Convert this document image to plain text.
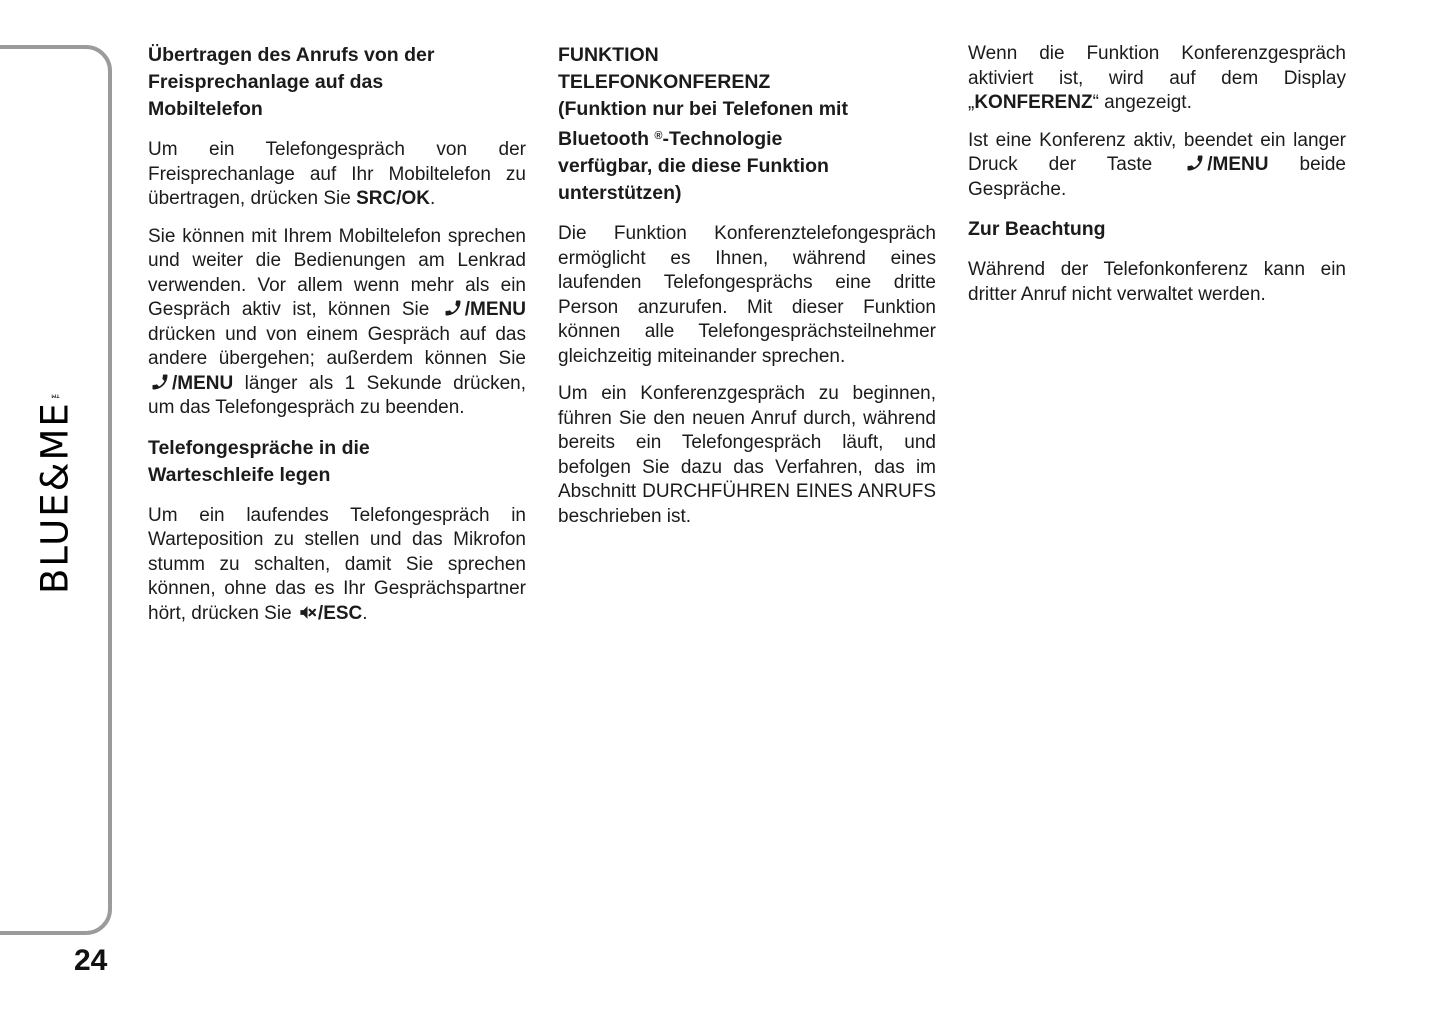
BLUE&ME
™
24
Übertragen des Anrufs von der
Freisprechanlage auf das
Mobiltelefon

Um ein Telefongespräch von der Freisprechanlage auf Ihr Mobiltelefon zu übertragen, drücken Sie SRC/OK.

Sie können mit Ihrem Mobiltelefon sprechen und weiter die Bedienungen am Lenkrad verwenden. Vor allem wenn mehr als ein Gespräch aktiv ist, können Sie
/MENU drücken und von einem Gespräch auf das andere übergehen; außerdem können Sie
/MENU länger als 1 Sekunde drücken, um das Telefongespräch zu beenden.

Telefongespräche in die
Warteschleife legen

Um ein laufendes Telefongespräch in Warteposition zu stellen und das Mikrofon stumm zu schalten, damit Sie sprechen können, ohne das es Ihr Gesprächspartner hört, drücken Sie
/ESC.

FUNKTION
TELEFONKONFERENZ
(Funktion nur bei Telefonen mit
Bluetooth ®-Technologie
verfügbar, die diese Funktion
unterstützen)

Die Funktion Konferenztelefongespräch ermöglicht es Ihnen, während eines laufenden Telefongesprächs eine dritte Person anzurufen. Mit dieser Funktion können alle Telefongesprächsteilnehmer gleichzeitig miteinander sprechen.

Um ein Konferenzgespräch zu beginnen, führen Sie den neuen Anruf durch, während bereits ein Telefongespräch läuft, und befolgen Sie dazu das Verfahren, das im Abschnitt DURCHFÜHREN EINES ANRUFS beschrieben ist.

Wenn die Funktion Konferenzgespräch aktiviert ist, wird auf dem Display „KONFERENZ“ angezeigt.

Ist eine Konferenz aktiv, beendet ein langer Druck der Taste
/MENU beide Gespräche.

Zur Beachtung

Während der Telefonkonferenz kann ein dritter Anruf nicht verwaltet werden.
